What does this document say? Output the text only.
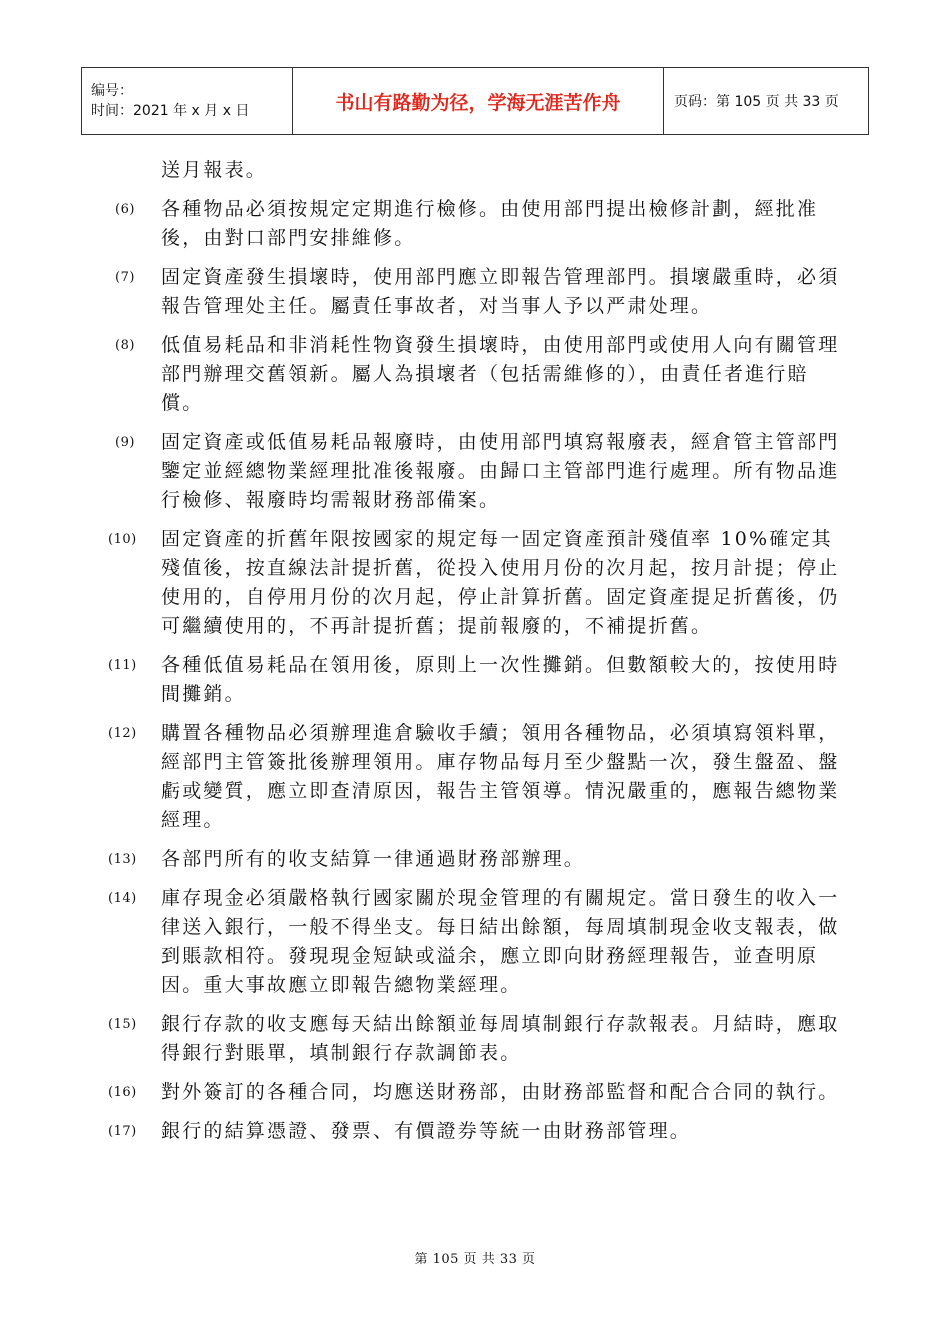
编号：
时间：2021 年 x 月 x 日	书山有路勤为径，学海无涯苦作舟	页码：第 105 页 共 33 页
送月報表。
(6) 各種物品必須按規定定期進行檢修。由使用部門提出檢修計劃，經批准後，由對口部門安排維修。
(7) 固定資產發生損壞時，使用部門應立即報告管理部門。損壞嚴重時，必須報告管理处主任。屬責任事故者，对当事人予以严肃处理。
(8) 低值易耗品和非消耗性物資發生損壞時，由使用部門或使用人向有關管理部門辦理交舊領新。屬人為損壞者（包括需維修的），由責任者進行賠償。
(9) 固定資產或低值易耗品報廢時，由使用部門填寫報廢表，經倉管主管部門鑒定並經總物業經理批准後報廢。由歸口主管部門進行處理。所有物品進行檢修、報廢時均需報財務部備案。
(10) 固定資產的折舊年限按國家的規定每一固定資產預計殘值率 10%確定其殘值後，按直線法計提折舊，從投入使用月份的次月起，按月計提；停止使用的，自停用月份的次月起，停止計算折舊。固定資產提足折舊後，仍可繼續使用的，不再計提折舊；提前報廢的，不補提折舊。
(11) 各種低值易耗品在領用後，原則上一次性攤銷。但數額較大的，按使用時間攤銷。
(12) 購置各種物品必須辦理進倉驗收手續；領用各種物品，必須填寫領料單，經部門主管簽批後辦理領用。庫存物品每月至少盤點一次，發生盤盈、盤虧或變質，應立即查清原因，報告主管領導。情況嚴重的，應報告總物業經理。
(13) 各部門所有的收支結算一律通過財務部辦理。
(14) 庫存現金必須嚴格執行國家關於現金管理的有關規定。當日發生的收入一律送入銀行，一般不得坐支。每日結出餘額，每周填制現金收支報表，做到賬款相符。發現現金短缺或溢余，應立即向財務經理報告，並查明原因。重大事故應立即報告總物業經理。
(15) 銀行存款的收支應每天結出餘額並每周填制銀行存款報表。月結時，應取得銀行對賬單，填制銀行存款調節表。
(16) 對外簽訂的各種合同，均應送財務部，由財務部監督和配合合同的執行。
(17) 銀行的結算憑證、發票、有價證券等統一由財務部管理。
第 105 页 共 33 页
